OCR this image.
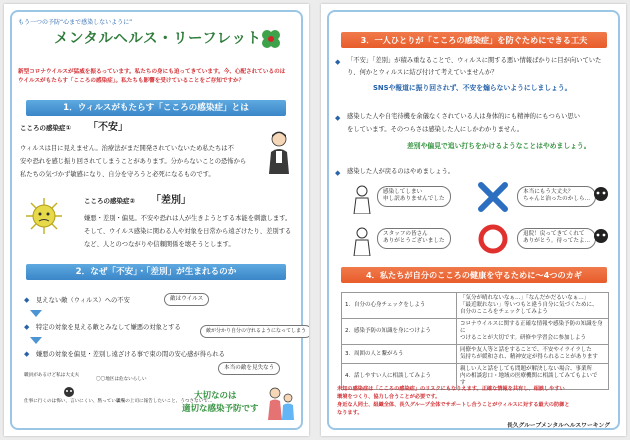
もう一つの予防“心まで感染しないように”
メンタルヘルス・リーフレット
新型コロナウイルスが猛威を振るっています。私たちの身にも迫ってきています。今、心配されているのは
ウイルスがもたらす「こころの感染症」。私たちも影響を受けていることをご存知ですか？
1．ウィルスがもたらす「こころの感染症」とは
こころの感染症① 「不安」
ウィルスは目に見えません。治療法がまだ開発されていないため私たちは不
安や恐れを感じ振り回されてしまうことがあります。分からないことの恐怖から
私たちの気づかず敏感になり、自分を守ろうと必死になるものです。
こころの感染症② 「差別」
嫌悪・差別・偏見。不安や恐れは人が生きようとする本能を刺激します。
そして、ウイルス感染に関わる人や対象を日常から遠ざけたり、差別する
など、人とのつながりや信頼関係を壊そうとします。
2．なぜ「不安」・「差別」が生まれるのか
◆ 見えない敵（ウィルス）への不安	敵はウイルス
◆ 特定の対象を見える敵とみなして嫌悪の対象とする	敵が分かり自分の守れるようになってしまう
◆ 嫌悪の対象を偏見・差別し遠ざける事で束の間の安心感が得られる
本当の敵を見失なう
職員があるけど私は大丈夫
〇〇地区は危ないらしい
仕事に行くのは怖い、言いにくい、黙っていよう
職場の上司に報告したいこと、うつさないで…
大切なのは
適切な感染予防です
3．一人ひとりが「こころの感染症」を防ぐためにできる工夫
◆ 「不安」「差別」が積み重なることで、ウィルスに関する悪い情報ばかりに目が向いていた
り、何かとウィルスに結び付けて考えていませんか？
SNSや報道に振り回されず、不安を煽らないようにしましょう。
◆ 感染した人や自宅待機を余儀なくされている人は身体的にも精神的にもつらい思い
をしています。そのつらさは感染した人にしかわかりません。
差別や偏見で追い打ちをかけるようなことはやめましょう。
◆ 感染した人が戻るのはやめましょう。
感染してしまい
申し訳ありませんでした
本当にもう大丈夫？
ちゃんと治ったのかしら…
スタッフの皆さん
ありがとうございました
退院！戻ってきてくれて
ありがとう。待ってたよ…
4．私たちが自分のこころの健康を守るために～4つのカギ
1．自分の心身チェックをしよう	「気分が晴れないなぁ…」「なんだかだるいなぁ…」
「最近眠れない」等いつもと違う自分に気づくために、
自分のこころをチェックしてみよう
2．感染予防の知識を身につけよう	コロナウイルスに関する正確な情報や感染予防の知識を身に
つけることが大切です。研修や学習会に参加しよう
3．周囲の人と繋がろう	同僚や友人等と話をすることで、不安やイライラした
気持ちが緩和され、精神安定が得られることがあります
4．話しやすい人に相談してみよう	親しい人と話をしても問題が解決しない場合、事業所
内の相談窓口・地域の医療機関に相談してみてもよいで
す
未知の感染症は「こころの感染症」のリスクにもなりえます。正確な情報を共有し、相談しやすい
環境をつくり、協力し合うことが必要です。
身近な人同士、組織全体、長久グループ全体でサポートし合うことがウィルスに対する最大の防御と
なります。
長久グループメンタルヘルスワーキング
